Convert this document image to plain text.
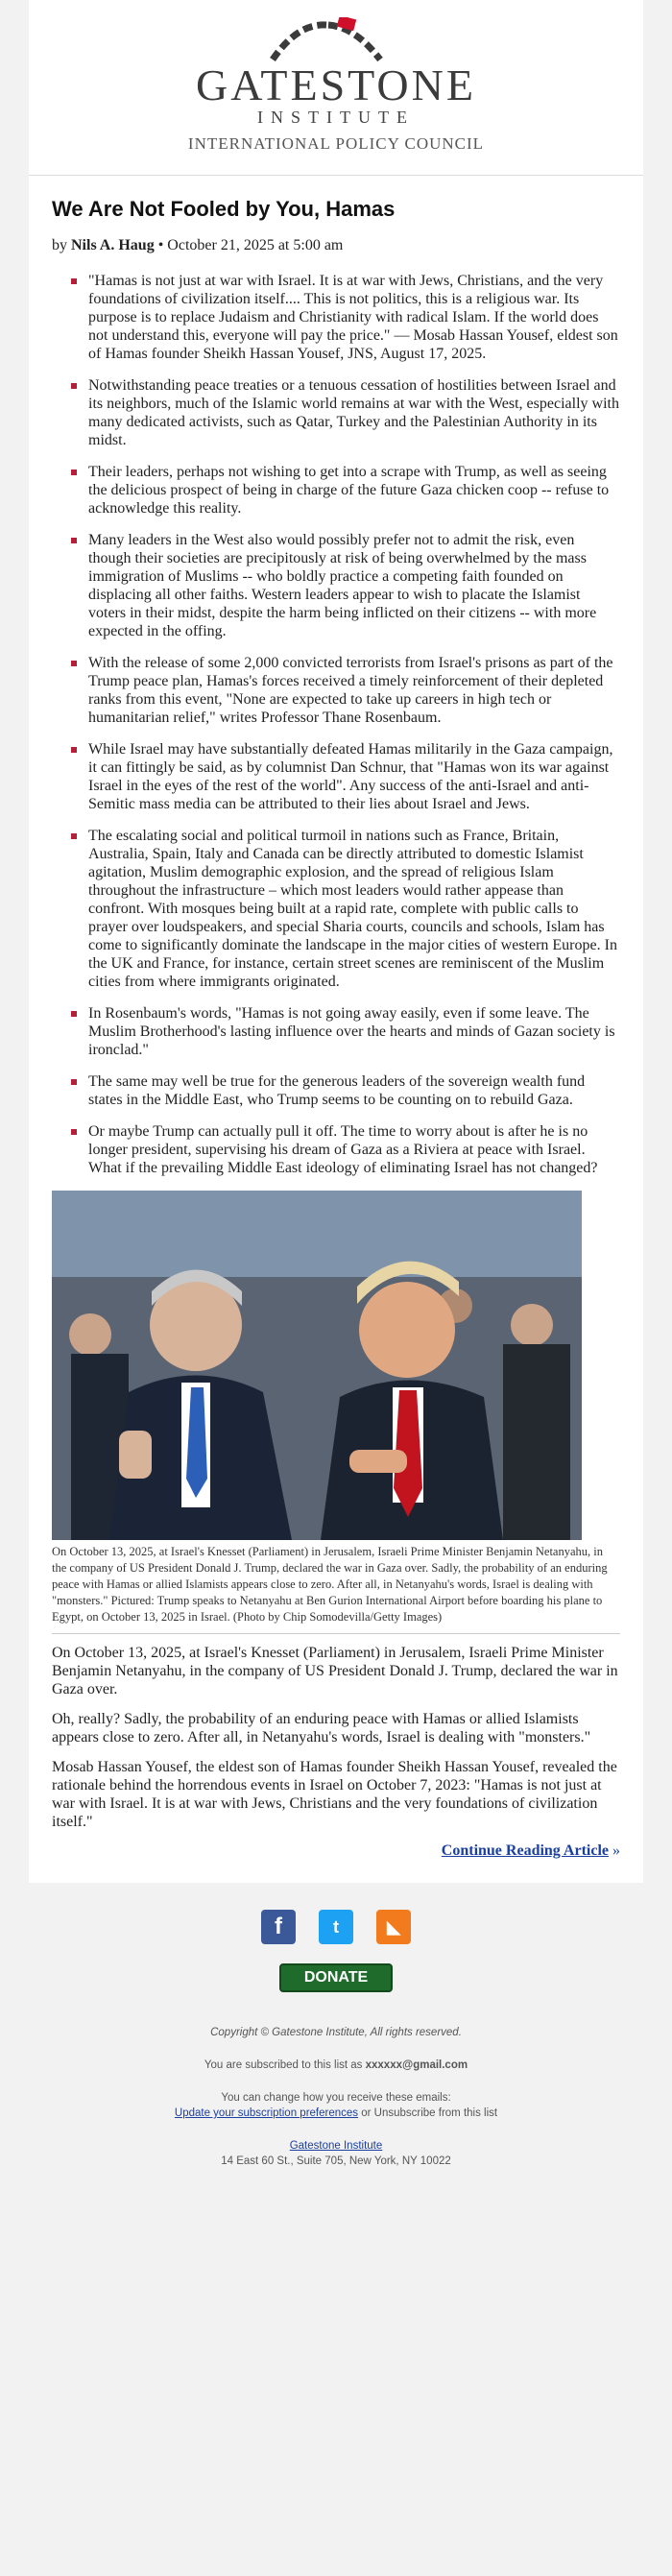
GATESTONE
INSTITUTE
INTERNATIONAL POLICY COUNCIL
We Are Not Fooled by You, Hamas
by Nils A. Haug • October 21, 2025 at 5:00 am
"Hamas is not just at war with Israel. It is at war with Jews, Christians, and the very foundations of civilization itself.... This is not politics, this is a religious war. Its purpose is to replace Judaism and Christianity with radical Islam. If the world does not understand this, everyone will pay the price." — Mosab Hassan Yousef, eldest son of Hamas founder Sheikh Hassan Yousef, JNS, August 17, 2025.
Notwithstanding peace treaties or a tenuous cessation of hostilities between Israel and its neighbors, much of the Islamic world remains at war with the West, especially with many dedicated activists, such as Qatar, Turkey and the Palestinian Authority in its midst.
Their leaders, perhaps not wishing to get into a scrape with Trump, as well as seeing the delicious prospect of being in charge of the future Gaza chicken coop -- refuse to acknowledge this reality.
Many leaders in the West also would possibly prefer not to admit the risk, even though their societies are precipitously at risk of being overwhelmed by the mass immigration of Muslims -- who boldly practice a competing faith founded on displacing all other faiths. Western leaders appear to wish to placate the Islamist voters in their midst, despite the harm being inflicted on their citizens -- with more expected in the offing.
With the release of some 2,000 convicted terrorists from Israel's prisons as part of the Trump peace plan, Hamas's forces received a timely reinforcement of their depleted ranks from this event, "None are expected to take up careers in high tech or humanitarian relief," writes Professor Thane Rosenbaum.
While Israel may have substantially defeated Hamas militarily in the Gaza campaign, it can fittingly be said, as by columnist Dan Schnur, that "Hamas won its war against Israel in the eyes of the rest of the world". Any success of the anti-Israel and anti-Semitic mass media can be attributed to their lies about Israel and Jews.
The escalating social and political turmoil in nations such as France, Britain, Australia, Spain, Italy and Canada can be directly attributed to domestic Islamist agitation, Muslim demographic explosion, and the spread of religious Islam throughout the infrastructure – which most leaders would rather appease than confront. With mosques being built at a rapid rate, complete with public calls to prayer over loudspeakers, and special Sharia courts, councils and schools, Islam has come to significantly dominate the landscape in the major cities of western Europe. In the UK and France, for instance, certain street scenes are reminiscent of the Muslim cities from where immigrants originated.
In Rosenbaum's words, "Hamas is not going away easily, even if some leave. The Muslim Brotherhood's lasting influence over the hearts and minds of Gazan society is ironclad."
The same may well be true for the generous leaders of the sovereign wealth fund states in the Middle East, who Trump seems to be counting on to rebuild Gaza.
Or maybe Trump can actually pull it off. The time to worry about is after he is no longer president, supervising his dream of Gaza as a Riviera at peace with Israel. What if the prevailing Middle East ideology of eliminating Israel has not changed?
On October 13, 2025, at Israel's Knesset (Parliament) in Jerusalem, Israeli Prime Minister Benjamin Netanyahu, in the company of US President Donald J. Trump, declared the war in Gaza over. Sadly, the probability of an enduring peace with Hamas or allied Islamists appears close to zero. After all, in Netanyahu's words, Israel is dealing with "monsters." Pictured: Trump speaks to Netanyahu at Ben Gurion International Airport before boarding his plane to Egypt, on October 13, 2025 in Israel. (Photo by Chip Somodevilla/Getty Images)

On October 13, 2025, at Israel's Knesset (Parliament) in Jerusalem, Israeli Prime Minister Benjamin Netanyahu, in the company of US President Donald J. Trump, declared the war in Gaza over.

Oh, really? Sadly, the probability of an enduring peace with Hamas or allied Islamists appears close to zero. After all, in Netanyahu's words, Israel is dealing with "monsters."

Mosab Hassan Yousef, the eldest son of Hamas founder Sheikh Hassan Yousef, revealed the rationale behind the horrendous events in Israel on October 7, 2023: "Hamas is not just at war with Israel. It is at war with Jews, Christians and the very foundations of civilization itself."

Continue Reading Article »
f	t	◣
DONATE

Copyright © Gatestone Institute, All rights reserved.

You are subscribed to this list as xxxxxx@gmail.com

You can change how you receive these emails:

Update your subscription preferences or Unsubscribe from this list

Gatestone Institute

14 East 60 St., Suite 705, New York, NY 10022
